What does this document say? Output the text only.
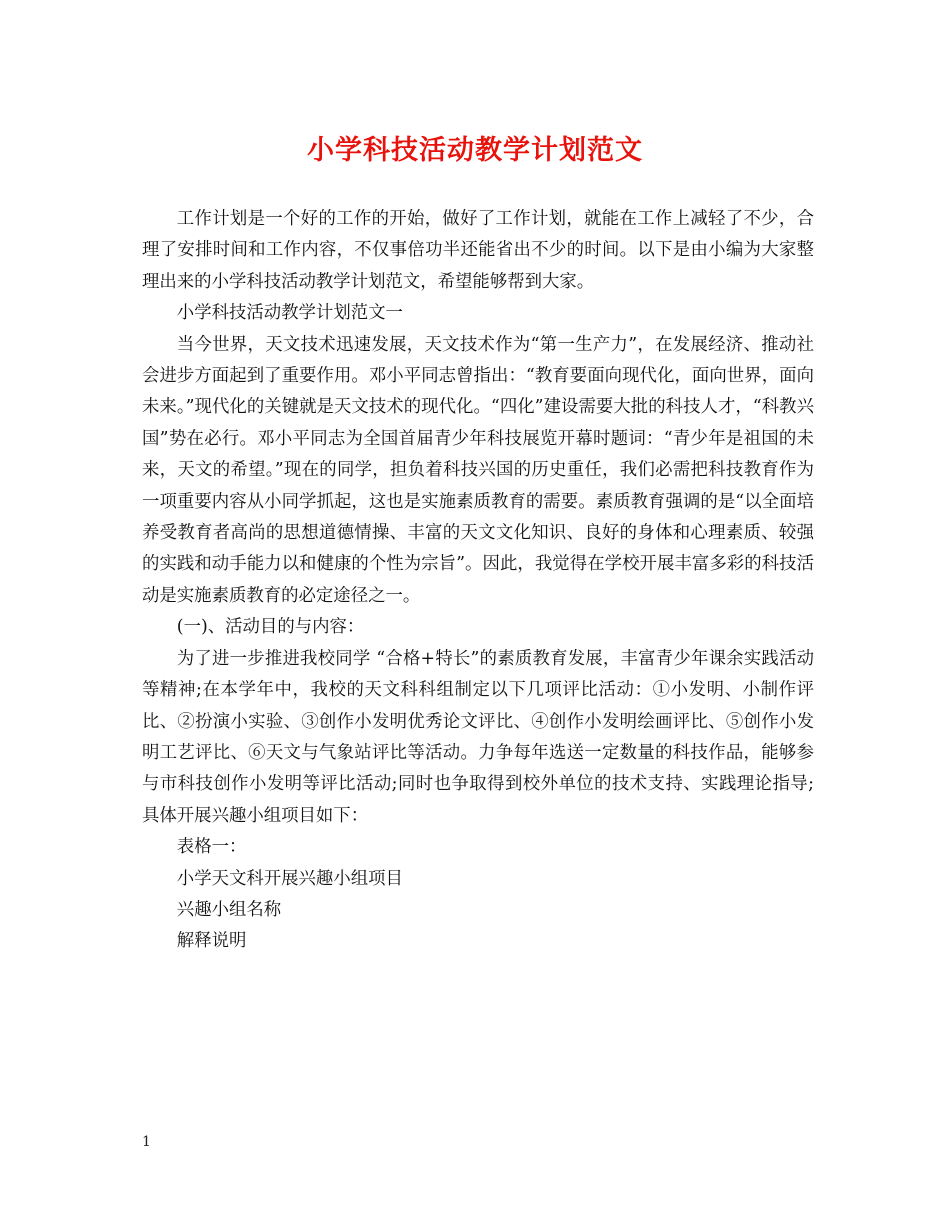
小学科技活动教学计划范文

工作计划是一个好的工作的开始，做好了工作计划，就能在工作上减轻了不少，合理了安排时间和工作内容，不仅事倍功半还能省出不少的时间。以下是由小编为大家整理出来的小学科技活动教学计划范文，希望能够帮到大家。

小学科技活动教学计划范文一

当今世界，天文技术迅速发展，天文技术作为“第一生产力”，在发展经济、推动社会进步方面起到了重要作用。邓小平同志曾指出：“教育要面向现代化，面向世界，面向未来。”现代化的关键就是天文技术的现代化。“四化”建设需要大批的科技人才，“科教兴国”势在必行。邓小平同志为全国首届青少年科技展览开幕时题词：“青少年是祖国的未来，天文的希望。”现在的同学，担负着科技兴国的历史重任，我们必需把科技教育作为一项重要内容从小同学抓起，这也是实施素质教育的需要。素质教育强调的是“以全面培养受教育者高尚的思想道德情操、丰富的天文文化知识、良好的身体和心理素质、较强的实践和动手能力以和健康的个性为宗旨”。因此，我觉得在学校开展丰富多彩的科技活动是实施素质教育的必定途径之一。

(一)、活动目的与内容：

为了进一步推进我校同学 “合格+特长”的素质教育发展，丰富青少年课余实践活动等精神;在本学年中，我校的天文科科组制定以下几项评比活动：①小发明、小制作评比、②扮演小实验、③创作小发明优秀论文评比、④创作小发明绘画评比、⑤创作小发明工艺评比、⑥天文与气象站评比等活动。力争每年选送一定数量的科技作品，能够参与市科技创作小发明等评比活动;同时也争取得到校外单位的技术支持、实践理论指导;具体开展兴趣小组项目如下：

表格一：

小学天文科开展兴趣小组项目

兴趣小组名称

解释说明

1
